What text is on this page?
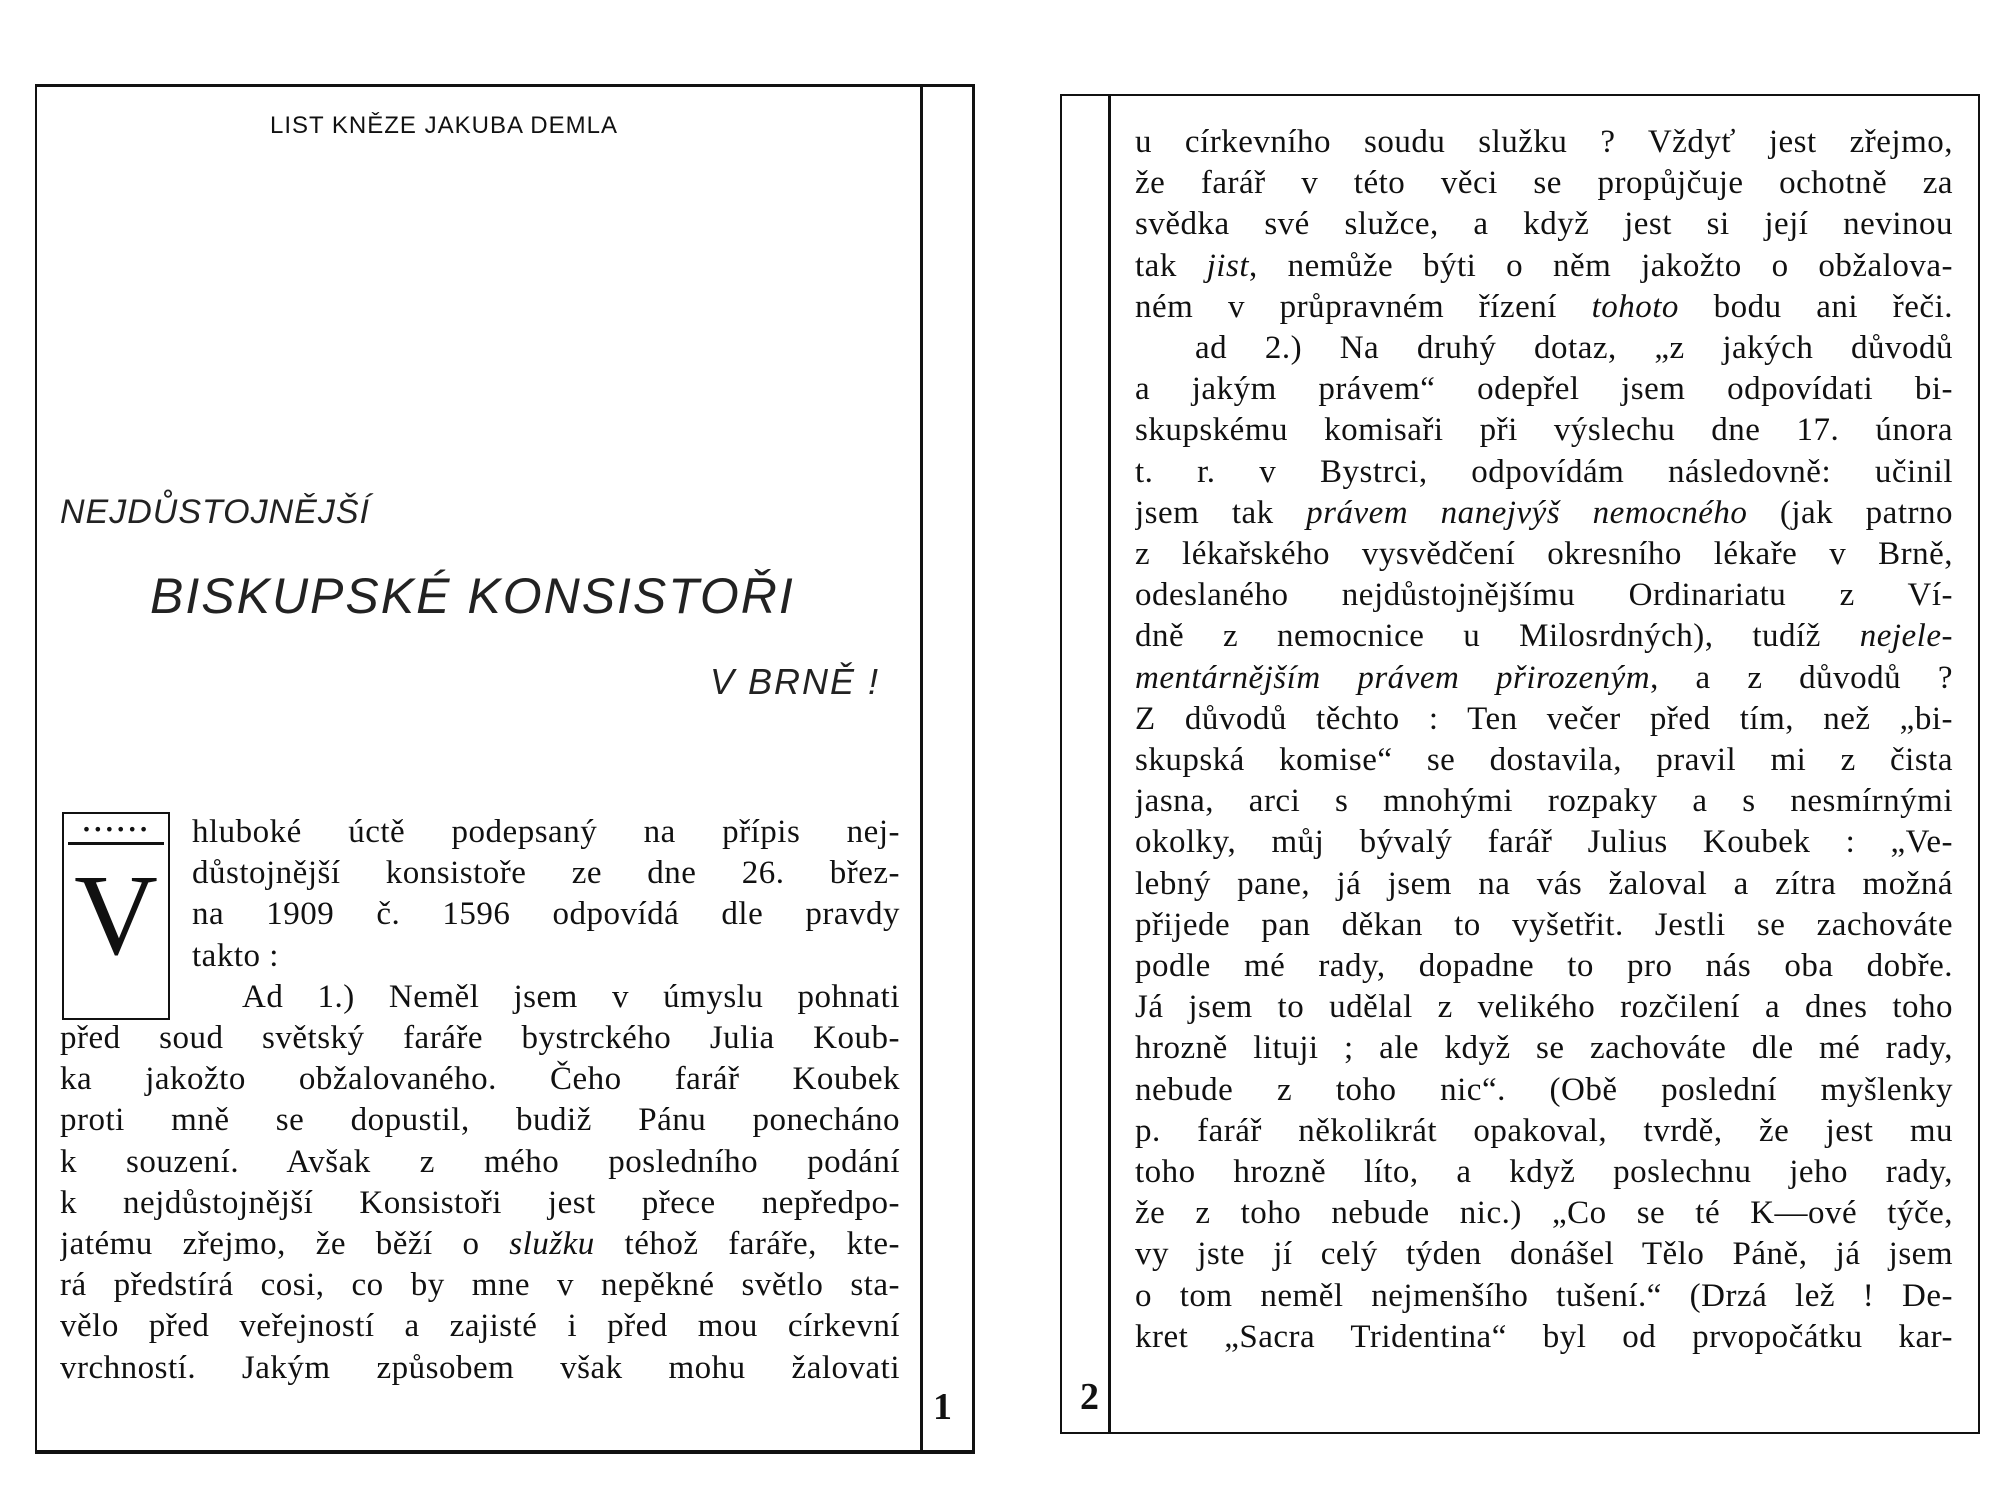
LIST KNĚZE JAKUBA DEMLA
NEJDŮSTOJNĚJŠÍ
BISKUPSKÉ KONSISTOŘI
V BRNĚ !
••••••
V
hluboké úctě podepsaný na přípis nej-
důstojnější konsistoře ze dne 26. břez-
na 1909 č. 1596 odpovídá dle pravdy
takto :
Ad 1.) Neměl jsem v úmyslu pohnati
před soud světský faráře bystrckého Julia Koub-
ka jakožto obžalovaného. Čeho farář Koubek
proti mně se dopustil, budiž Pánu ponecháno
k souzení. Avšak z mého posledního podání
k nejdůstojnější Konsistoři jest přece nepředpo-
jatému zřejmo, že běží o služku téhož faráře, kte-
rá předstírá cosi, co by mne v nepěkné světlo sta-
vělo před veřejností a zajisté i před mou církevní
vrchností. Jakým způsobem však mohu žalovati
1	2
u církevního soudu služku ? Vždyť jest zřejmo,
že farář v této věci se propůjčuje ochotně za
svědka své služce, a když jest si její nevinou
tak jist, nemůže býti o něm jakožto o obžalova-
ném v průpravném řízení tohoto bodu ani řeči.
ad 2.) Na druhý dotaz, „z jakých důvodů
a jakým právem“ odepřel jsem odpovídati bi-
skupskému komisaři při výslechu dne 17. února
t. r. v Bystrci, odpovídám následovně: učinil
jsem tak právem nanejvýš nemocného (jak patrno
z lékařského vysvědčení okresního lékaře v Brně,
odeslaného nejdůstojnějšímu Ordinariatu z Ví-
dně z nemocnice u Milosrdných), tudíž nejele-
mentárnějším právem přirozeným, a z důvodů ?
Z důvodů těchto : Ten večer před tím, než „bi-
skupská komise“ se dostavila, pravil mi z čista
jasna, arci s mnohými rozpaky a s nesmírnými
okolky, můj bývalý farář Julius Koubek : „Ve-
lebný pane, já jsem na vás žaloval a zítra možná
přijede pan děkan to vyšetřit. Jestli se zachováte
podle mé rady, dopadne to pro nás oba dobře.
Já jsem to udělal z velikého rozčilení a dnes toho
hrozně lituji ; ale když se zachováte dle mé rady,
nebude z toho nic“. (Obě poslední myšlenky
p. farář několikrát opakoval, tvrdě, že jest mu
toho hrozně líto, a když poslechnu jeho rady,
že z toho nebude nic.) „Co se té K—ové týče,
vy jste jí celý týden donášel Tělo Páně, já jsem
o tom neměl nejmenšího tušení.“ (Drzá lež ! De-
kret „Sacra Tridentina“ byl od prvopočátku kar-
